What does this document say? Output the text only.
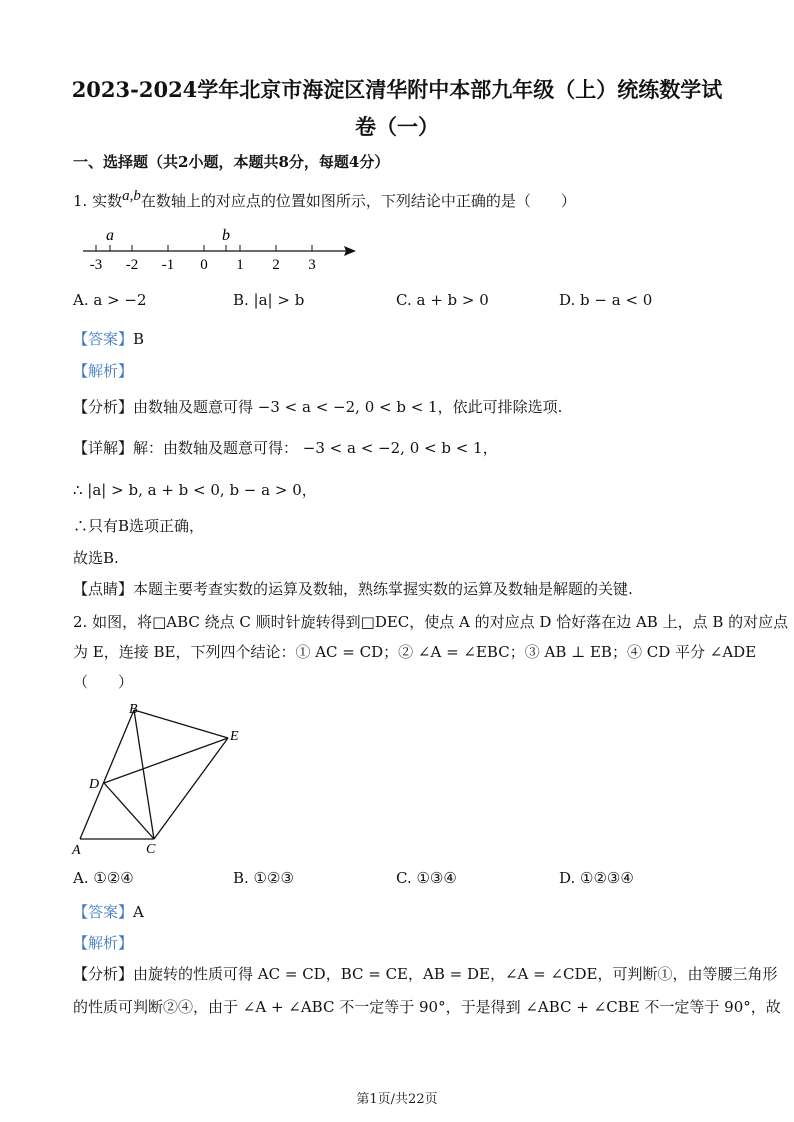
2023-2024学年北京市海淀区清华附中本部九年级（上）统练数学试
卷（一）
一、选择题（共2小题，本题共8分，每题4分）
1. 实数a,b在数轴上的对应点的位置如图所示，下列结论中正确的是（　　）
a	b
-3 -2 -1 0 1 2 3
A. a > −2	B. |a| > b	C. a + b > 0	D. b − a < 0
【答案】B
【解析】
【分析】由数轴及题意可得 −3 < a < −2, 0 < b < 1，依此可排除选项.
【详解】解：由数轴及题意可得： −3 < a < −2, 0 < b < 1，
∴ |a| > b, a + b < 0, b − a > 0，
∴只有B选项正确，
故选B.
【点睛】本题主要考查实数的运算及数轴，熟练掌握实数的运算及数轴是解题的关键.
2. 如图，将□ABC 绕点 C 顺时针旋转得到□DEC，使点 A 的对应点 D 恰好落在边 AB 上，点 B 的对应点
为 E，连接 BE，下列四个结论：① AC = CD；② ∠A = ∠EBC；③ AB ⊥ EB；④ CD 平分 ∠ADE
（　　）
B
E
D
A	C
A. ①②④	B. ①②③	C. ①③④	D. ①②③④
【答案】A
【解析】
【分析】由旋转的性质可得 AC = CD，BC = CE，AB = DE，∠A = ∠CDE，可判断①，由等腰三角形
的性质可判断②④，由于 ∠A + ∠ABC 不一定等于 90°，于是得到 ∠ABC + ∠CBE 不一定等于 90°，故
第1页/共22页
